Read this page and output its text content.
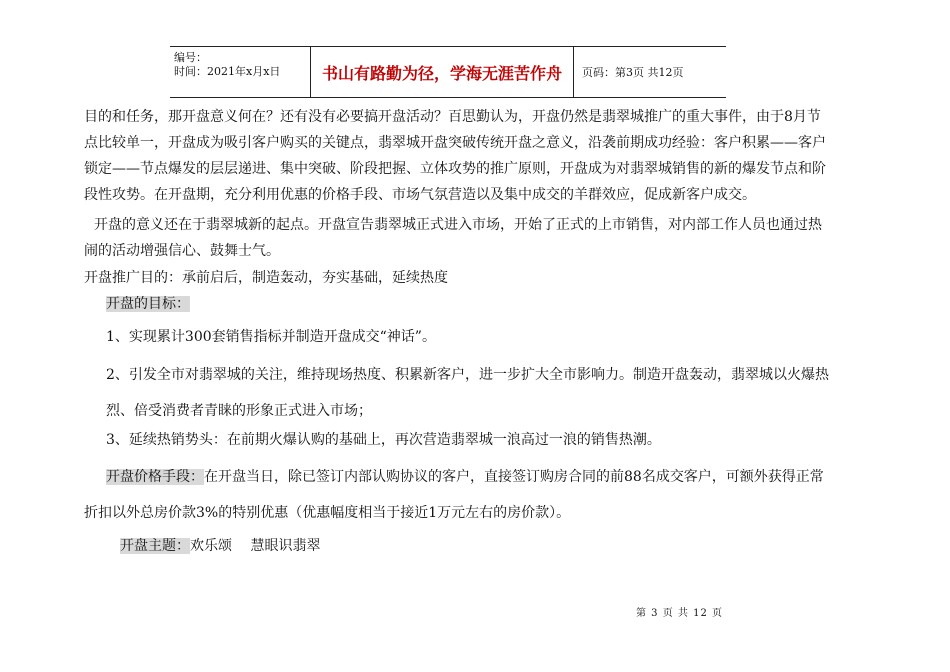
编号：
时间：2021年x月x日	书山有路勤为径，学海无涯苦作舟	页码：第3页 共12页

目的和任务，那开盘意义何在？还有没有必要搞开盘活动？百思勤认为，开盘仍然是翡翠城推广的重大事件，由于8月节点比较单一，开盘成为吸引客户购买的关键点，翡翠城开盘突破传统开盘之意义，沿袭前期成功经验：客户积累——客户锁定——节点爆发的层层递进、集中突破、阶段把握、立体攻势的推广原则，开盘成为对翡翠城销售的新的爆发节点和阶段性攻势。在开盘期，充分利用优惠的价格手段、市场气氛营造以及集中成交的羊群效应，促成新客户成交。

开盘的意义还在于翡翠城新的起点。开盘宣告翡翠城正式进入市场，开始了正式的上市销售，对内部工作人员也通过热闹的活动增强信心、鼓舞士气。

开盘推广目的：承前启后，制造轰动，夯实基础，延续热度

开盘的目标：

1、实现累计300套销售指标并制造开盘成交“神话”。

2、引发全市对翡翠城的关注，维持现场热度、积累新客户，进一步扩大全市影响力。制造开盘轰动，翡翠城以火爆热烈、倍受消费者青睐的形象正式进入市场；

3、延续热销势头：在前期火爆认购的基础上，再次营造翡翠城一浪高过一浪的销售热潮。

开盘价格手段：在开盘当日，除已签订内部认购协议的客户，直接签订购房合同的前88名成交客户，可额外获得正常折扣以外总房价款3%的特别优惠（优惠幅度相当于接近1万元左右的房价款）。

开盘主题：欢乐颂　 慧眼识翡翠

第 3 页 共 12 页
